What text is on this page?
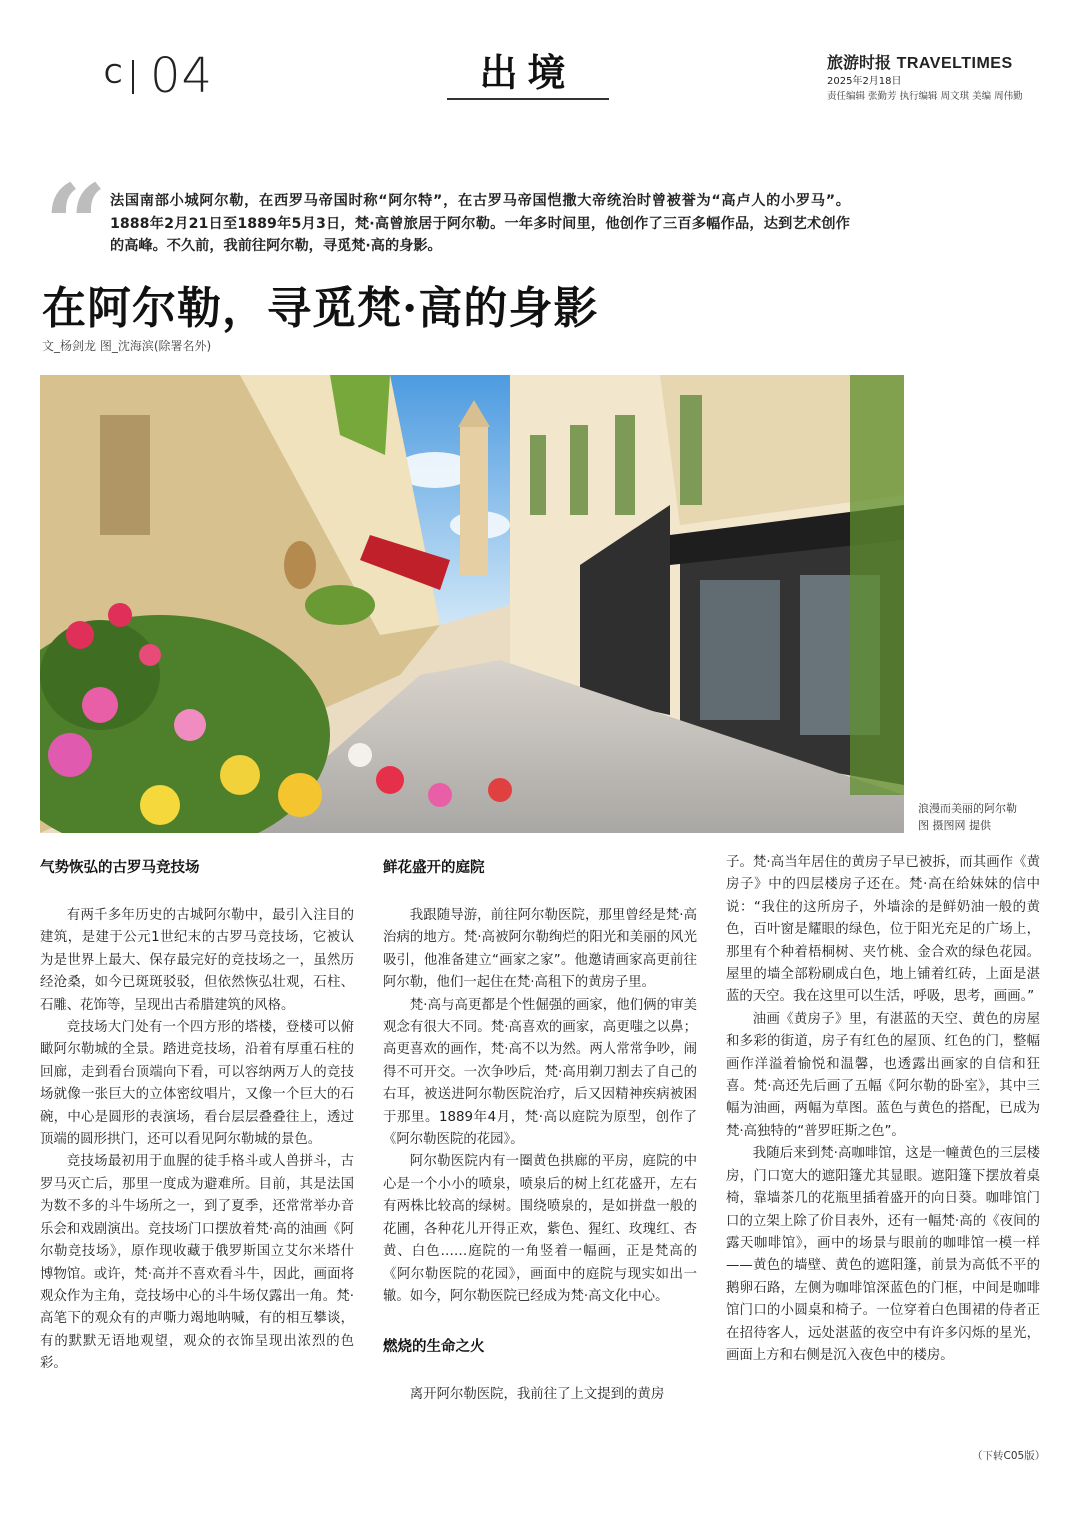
C 04	出境	旅游时报 TRAVELTIMES
2025年2月18日
责任编辑 张勤芳 执行编辑 周文琪 美编 周伟勤
“ 法国南部小城阿尔勒，在西罗马帝国时称“阿尔特”，在古罗马帝国恺撒大帝统治时曾被誉为“高卢人的小罗马”。1888年2月21日至1889年5月3日，梵·高曾旅居于阿尔勒。一年多时间里，他创作了三百多幅作品，达到艺术创作的高峰。不久前，我前往阿尔勒，寻觅梵·高的身影。
在阿尔勒，寻觅梵·高的身影
文_杨剑龙 图_沈海滨(除署名外)
浪漫而美丽的阿尔勒
图 摄图网 提供
气势恢弘的古罗马竞技场

有两千多年历史的古城阿尔勒中，最引入注目的建筑，是建于公元1世纪末的古罗马竞技场，它被认为是世界上最大、保存最完好的竞技场之一，虽然历经沧桑，如今已斑斑驳驳，但依然恢弘壮观，石柱、石雕、花饰等，呈现出古希腊建筑的风格。

竞技场大门处有一个四方形的塔楼，登楼可以俯瞰阿尔勒城的全景。踏进竞技场，沿着有厚重石柱的回廊，走到看台顶端向下看，可以容纳两万人的竞技场就像一张巨大的立体密纹唱片，又像一个巨大的石碗，中心是圆形的表演场，看台层层叠叠往上，透过顶端的圆形拱门，还可以看见阿尔勒城的景色。

竞技场最初用于血腥的徒手格斗或人兽拼斗，古罗马灭亡后，那里一度成为避难所。目前，其是法国为数不多的斗牛场所之一，到了夏季，还常常举办音乐会和戏剧演出。竞技场门口摆放着梵·高的油画《阿尔勒竞技场》，原作现收藏于俄罗斯国立艾尔米塔什博物馆。或许，梵·高并不喜欢看斗牛，因此，画面将观众作为主角，竞技场中心的斗牛场仅露出一角。梵·高笔下的观众有的声嘶力竭地呐喊，有的相互攀谈，有的默默无语地观望，观众的衣饰呈现出浓烈的色彩。

鲜花盛开的庭院

我跟随导游，前往阿尔勒医院，那里曾经是梵·高治病的地方。梵·高被阿尔勒绚烂的阳光和美丽的风光吸引，他准备建立“画家之家”。他邀请画家高更前往阿尔勒，他们一起住在梵·高租下的黄房子里。

梵·高与高更都是个性倔强的画家，他们俩的审美观念有很大不同。梵·高喜欢的画家，高更嗤之以鼻；高更喜欢的画作，梵·高不以为然。两人常常争吵，闹得不可开交。一次争吵后，梵·高用剃刀割去了自己的右耳，被送进阿尔勒医院治疗，后又因精神疾病被困于那里。1889年4月，梵·高以庭院为原型，创作了《阿尔勒医院的花园》。

阿尔勒医院内有一圈黄色拱廊的平房，庭院的中心是一个小小的喷泉，喷泉后的树上红花盛开，左右有两株比较高的绿树。围绕喷泉的，是如拼盘一般的花圃，各种花儿开得正欢，紫色、猩红、玫瑰红、杏黄、白色……庭院的一角竖着一幅画，正是梵高的《阿尔勒医院的花园》，画面中的庭院与现实如出一辙。如今，阿尔勒医院已经成为梵·高文化中心。

燃烧的生命之火

离开阿尔勒医院，我前往了上文提到的黄房

子。梵·高当年居住的黄房子早已被拆，而其画作《黄房子》中的四层楼房子还在。梵·高在给妹妹的信中说：“我住的这所房子，外墙涂的是鲜奶油一般的黄色，百叶窗是耀眼的绿色，位于阳光充足的广场上，那里有个种着梧桐树、夹竹桃、金合欢的绿色花园。屋里的墙全部粉刷成白色，地上铺着红砖，上面是湛蓝的天空。我在这里可以生活，呼吸，思考，画画。”

油画《黄房子》里，有湛蓝的天空、黄色的房屋和多彩的街道，房子有红色的屋顶、红色的门，整幅画作洋溢着愉悦和温馨，也透露出画家的自信和狂喜。梵·高还先后画了五幅《阿尔勒的卧室》，其中三幅为油画，两幅为草图。蓝色与黄色的搭配，已成为梵·高独特的“普罗旺斯之色”。

我随后来到梵·高咖啡馆，这是一幢黄色的三层楼房，门口宽大的遮阳篷尤其显眼。遮阳篷下摆放着桌椅，靠墙茶几的花瓶里插着盛开的向日葵。咖啡馆门口的立架上除了价目表外，还有一幅梵·高的《夜间的露天咖啡馆》，画中的场景与眼前的咖啡馆一模一样——黄色的墙壁、黄色的遮阳篷，前景为高低不平的鹅卵石路，左侧为咖啡馆深蓝色的门框，中间是咖啡馆门口的小圆桌和椅子。一位穿着白色围裙的侍者正在招待客人，远处湛蓝的夜空中有许多闪烁的星光，画面上方和右侧是沉入夜色中的楼房。

（下转C05版）
